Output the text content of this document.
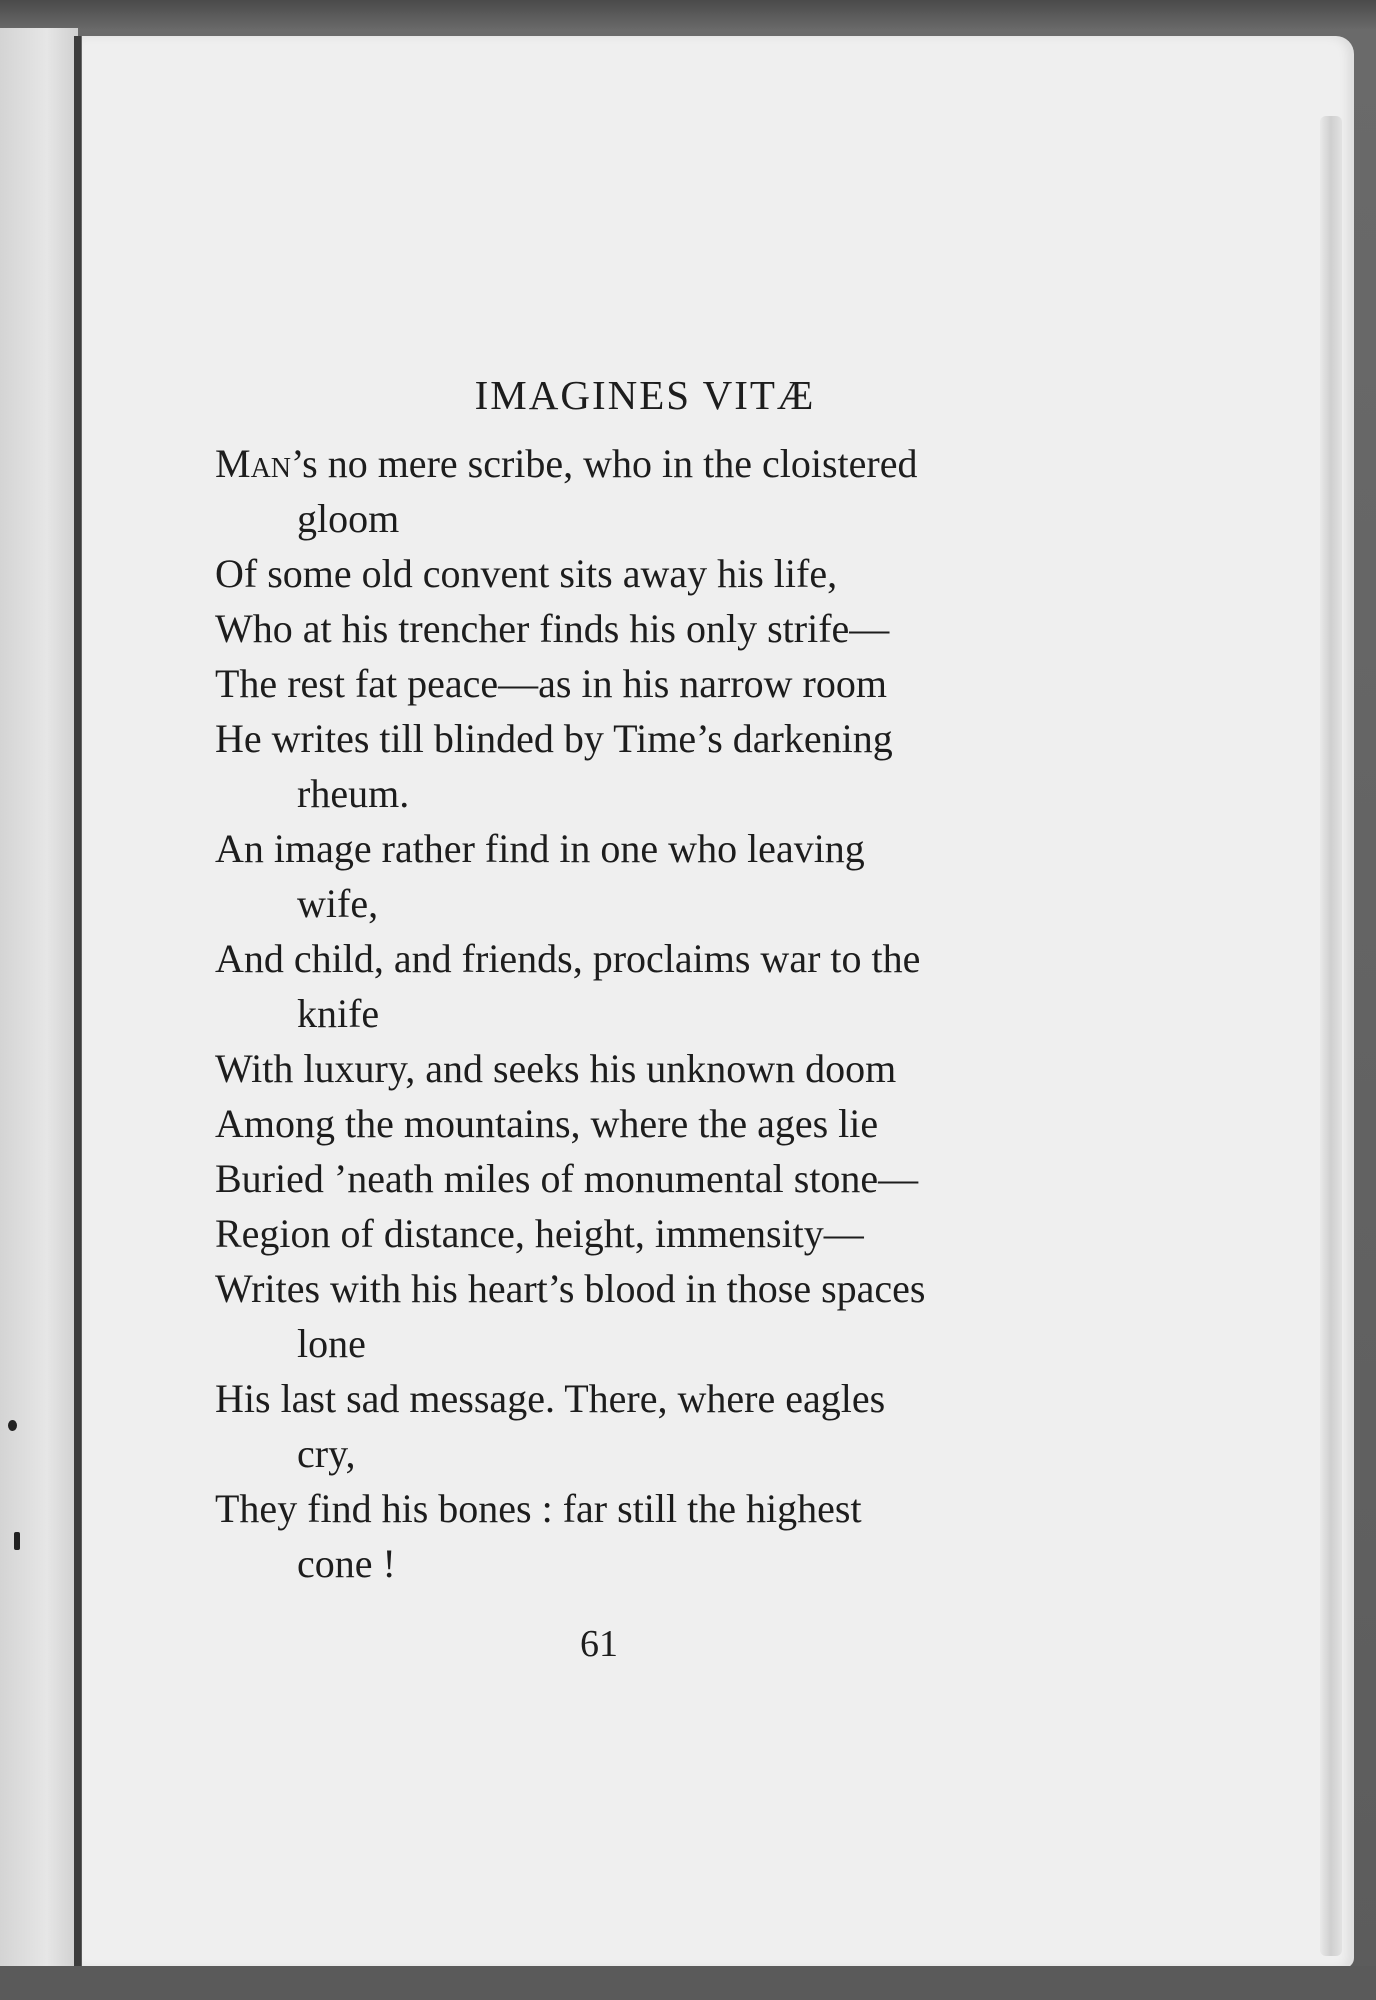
IMAGINES VITÆ
Man’s no mere scribe, who in the cloistered
gloom
Of some old convent sits away his life,
Who at his trencher finds his only strife—
The rest fat peace—as in his narrow room
He writes till blinded by Time’s darkening
rheum.
An image rather find in one who leaving
wife,
And child, and friends, proclaims war to the
knife
With luxury, and seeks his unknown doom
Among the mountains, where the ages lie
Buried ’neath miles of monumental stone—
Region of distance, height, immensity—
Writes with his heart’s blood in those spaces
lone
His last sad message. There, where eagles
cry,
They find his bones : far still the highest
cone !
61
